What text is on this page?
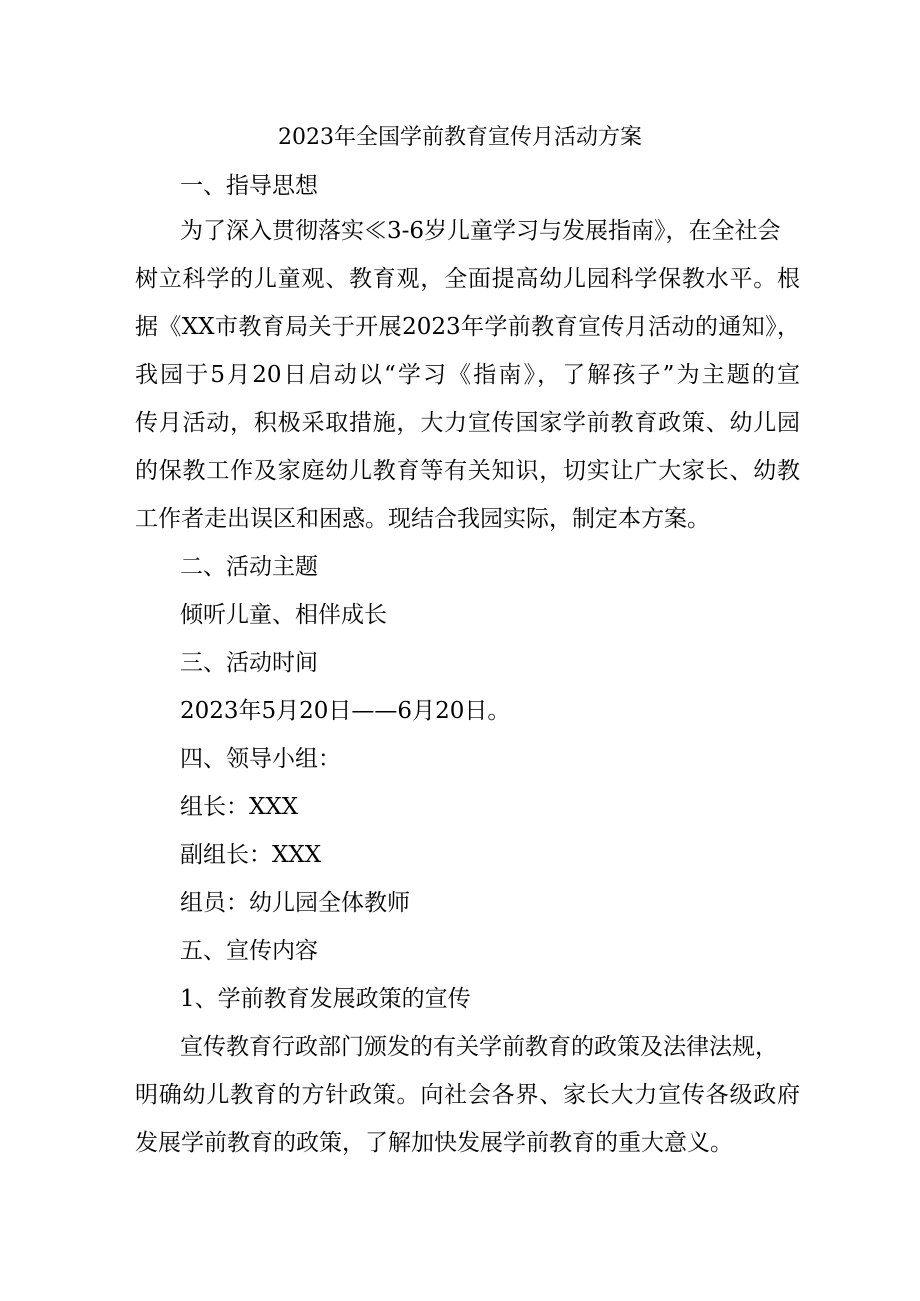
2023年全国学前教育宣传月活动方案
一、指导思想
为了深入贯彻落实≪3-6岁儿童学习与发展指南》，在全社会
树立科学的儿童观、教育观，全面提高幼儿园科学保教水平。根
据《XX市教育局关于开展2023年学前教育宣传月活动的通知》，
我园于5月20日启动以“学习《指南》，了解孩子”为主题的宣
传月活动，积极采取措施，大力宣传国家学前教育政策、幼儿园
的保教工作及家庭幼儿教育等有关知识，切实让广大家长、幼教
工作者走出误区和困惑。现结合我园实际，制定本方案。
二、活动主题
倾听儿童、相伴成长
三、活动时间
2023年5月20日——6月20日。
四、领导小组：
组长：XXX
副组长：XXX
组员：幼儿园全体教师
五、宣传内容
1、学前教育发展政策的宣传
宣传教育行政部门颁发的有关学前教育的政策及法律法规，
明确幼儿教育的方针政策。向社会各界、家长大力宣传各级政府
发展学前教育的政策，了解加快发展学前教育的重大意义。
